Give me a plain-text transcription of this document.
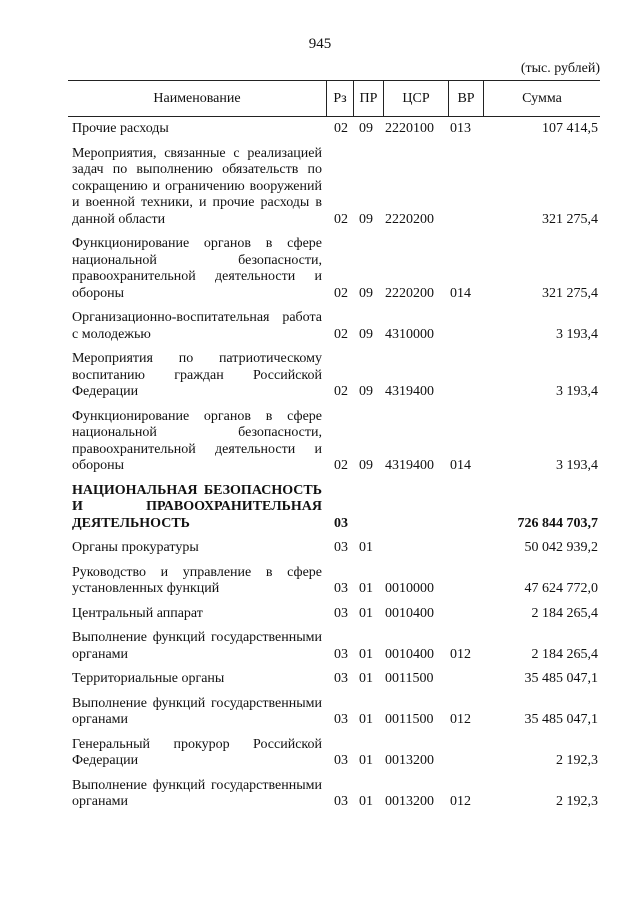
945
(тыс. рублей)
Наименование	Рз ПР	ЦСР	ВР	Сумма
Прочие расходы	02 09 2220100	013	107 414,5
Мероприятия, связанные с реализацией задач по выполнению обязательств по сокращению и ограничению вооружений и военной техники, и прочие расходы в данной области	02 09 2220200	321 275,4
Функционирование органов в сфере национальной безопасности, правоохранительной деятельности и обороны	02 09 2220200	014	321 275,4
Организационно-воспитательная работа с молодежью	02 09 4310000	3 193,4
Мероприятия по патриотическому воспитанию граждан Российской Федерации	02 09 4319400	3 193,4
Функционирование органов в сфере национальной безопасности, правоохранительной деятельности и обороны	02 09 4319400	014	3 193,4
НАЦИОНАЛЬНАЯ БЕЗОПАСНОСТЬ И ПРАВООХРАНИТЕЛЬНАЯ ДЕЯТЕЛЬНОСТЬ	03	726 844 703,7
Органы прокуратуры	03 01	50 042 939,2
Руководство и управление в сфере установленных функций	03 01 0010000	47 624 772,0
Центральный аппарат	03 01 0010400	2 184 265,4
Выполнение функций государственными органами	03 01 0010400	012	2 184 265,4
Территориальные органы	03 01 0011500	35 485 047,1
Выполнение функций государственными органами	03 01 0011500	012	35 485 047,1
Генеральный прокурор Российской Федерации	03 01 0013200	2 192,3
Выполнение функций государственными органами	03 01 0013200	012	2 192,3
